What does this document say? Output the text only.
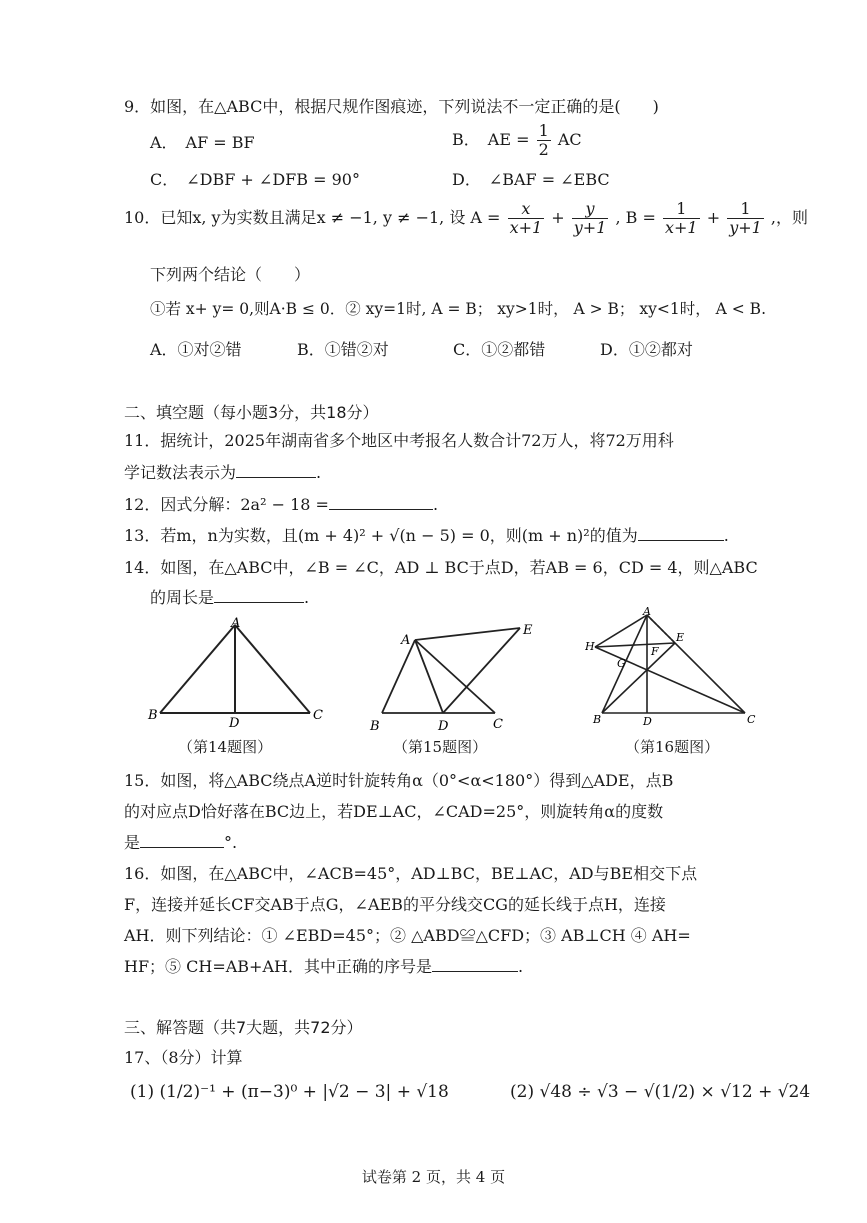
9．如图，在△ABC中，根据尺规作图痕迹，下列说法不一定正确的是(　　)
A．　AF = BF	B．　AE = $\frac{1}{2}$ AC
C．　∠DBF + ∠DFB = 90°	D．　∠BAF = ∠EBC
10．已知x, y为实数且满足x ≠ −1, y ≠ −1, 设 $A = \frac{x}{x+1} + \frac{y}{y+1}$ , $B = \frac{1}{x+1} + \frac{1}{y+1}$ ,，则
下列两个结论（　　）
①若 x+ y= 0,则A·B ≤ 0．② xy=1时, A = B； xy>1时， A > B； xy<1时， A < B.
A．①对②错	B．①错②对	C．①②都错	D．①②都对
二、填空题（每小题3分，共18分）
11．据统计，2025年湖南省多个地区中考报名人数合计72万人，将72万用科
学记数法表示为	.
12．因式分解：2a² − 18 =	.
13．若m，n为实数，且(m + 4)² + √(n − 5) = 0，则(m + n)²的值为	.
14．如图，在△ABC中，∠B = ∠C，AD ⊥ BC于点D，若AB = 6，CD = 4，则△ABC
的周长是	.
A
B	C
D
（第14题图）
A
B	C
D
E
（第15题图）
A
B	C
D
E
F
G
H
（第16题图）
15．如图，将△ABC绕点A逆时针旋转角α（0°<α<180°）得到△ADE，点B
的对应点D恰好落在BC边上，若DE⊥AC，∠CAD=25°，则旋转角α的度数
是	°.
16．如图，在△ABC中，∠ACB=45°，AD⊥BC，BE⊥AC，AD与BE相交下点
F，连接并延长CF交AB于点G，∠AEB的平分线交CG的延长线于点H，连接
AH．则下列结论：① ∠EBD=45°；② △ABD≌△CFD；③ AB⊥CH ④ AH=
HF；⑤ CH=AB+AH．其中正确的序号是	.
三、解答题（共7大题，共72分）
17、（8分）计算
(1) (1/2)⁻¹ + (π−3)⁰ + |√2 − 3| + √18	(2) √48 ÷ √3 − √(1/2) × √12 + √24
试卷第 2 页，共 4 页
